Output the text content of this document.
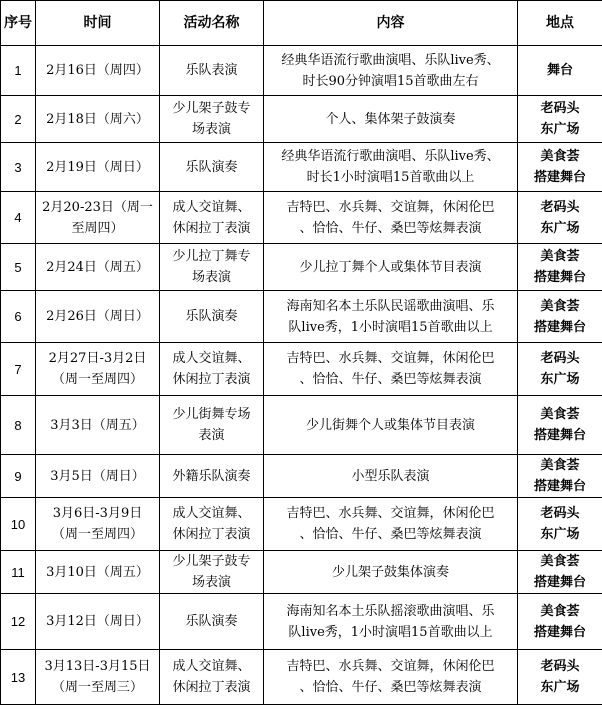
序号	时间	活动名称	内容	地点
1	2月16日（周四）	乐队表演	经典华语流行歌曲演唱、乐队live秀、
时长90分钟演唱15首歌曲左右	舞台

2	2月18日（周六）	少儿架子鼓专
场表演	个人、集体架子鼓演奏	老码头
东广场

3	2月19日（周日）	乐队演奏	经典华语流行歌曲演唱、乐队live秀、
时长1小时演唱15首歌曲以上	美食荟
搭建舞台

4	2月20-23日（周一
至周四）	成人交谊舞、
休闲拉丁表演	吉特巴、水兵舞、交谊舞，休闲伦巴
、恰恰、牛仔、桑巴等炫舞表演	老码头
东广场

5	2月24日（周五）	少儿拉丁舞专
场表演	少儿拉丁舞个人或集体节目表演	美食荟
搭建舞台

6	2月26日（周日）	乐队演奏	海南知名本土乐队民谣歌曲演唱、乐
队live秀，1小时演唱15首歌曲以上	美食荟
搭建舞台

7	2月27日-3月2日
（周一至周四）	成人交谊舞、
休闲拉丁表演	吉特巴、水兵舞、交谊舞，休闲伦巴
、恰恰、牛仔、桑巴等炫舞表演	老码头
东广场

8	3月3日（周五）	少儿街舞专场
表演	少儿街舞个人或集体节目表演	美食荟
搭建舞台

9	3月5日（周日）	外籍乐队演奏	小型乐队表演	美食荟
搭建舞台

10	3月6日-3月9日
（周一至周四）	成人交谊舞、
休闲拉丁表演	吉特巴、水兵舞、交谊舞，休闲伦巴
、恰恰、牛仔、桑巴等炫舞表演	老码头
东广场

11	3月10日（周五）	少儿架子鼓专
场表演	少儿架子鼓集体演奏	美食荟
搭建舞台

12	3月12日（周日）	乐队演奏	海南知名本土乐队摇滚歌曲演唱、乐
队live秀，1小时演唱15首歌曲以上	美食荟
搭建舞台

13	3月13日-3月15日
（周一至周三）	成人交谊舞、
休闲拉丁表演	吉特巴、水兵舞、交谊舞，休闲伦巴
、恰恰、牛仔、桑巴等炫舞表演	老码头
东广场
